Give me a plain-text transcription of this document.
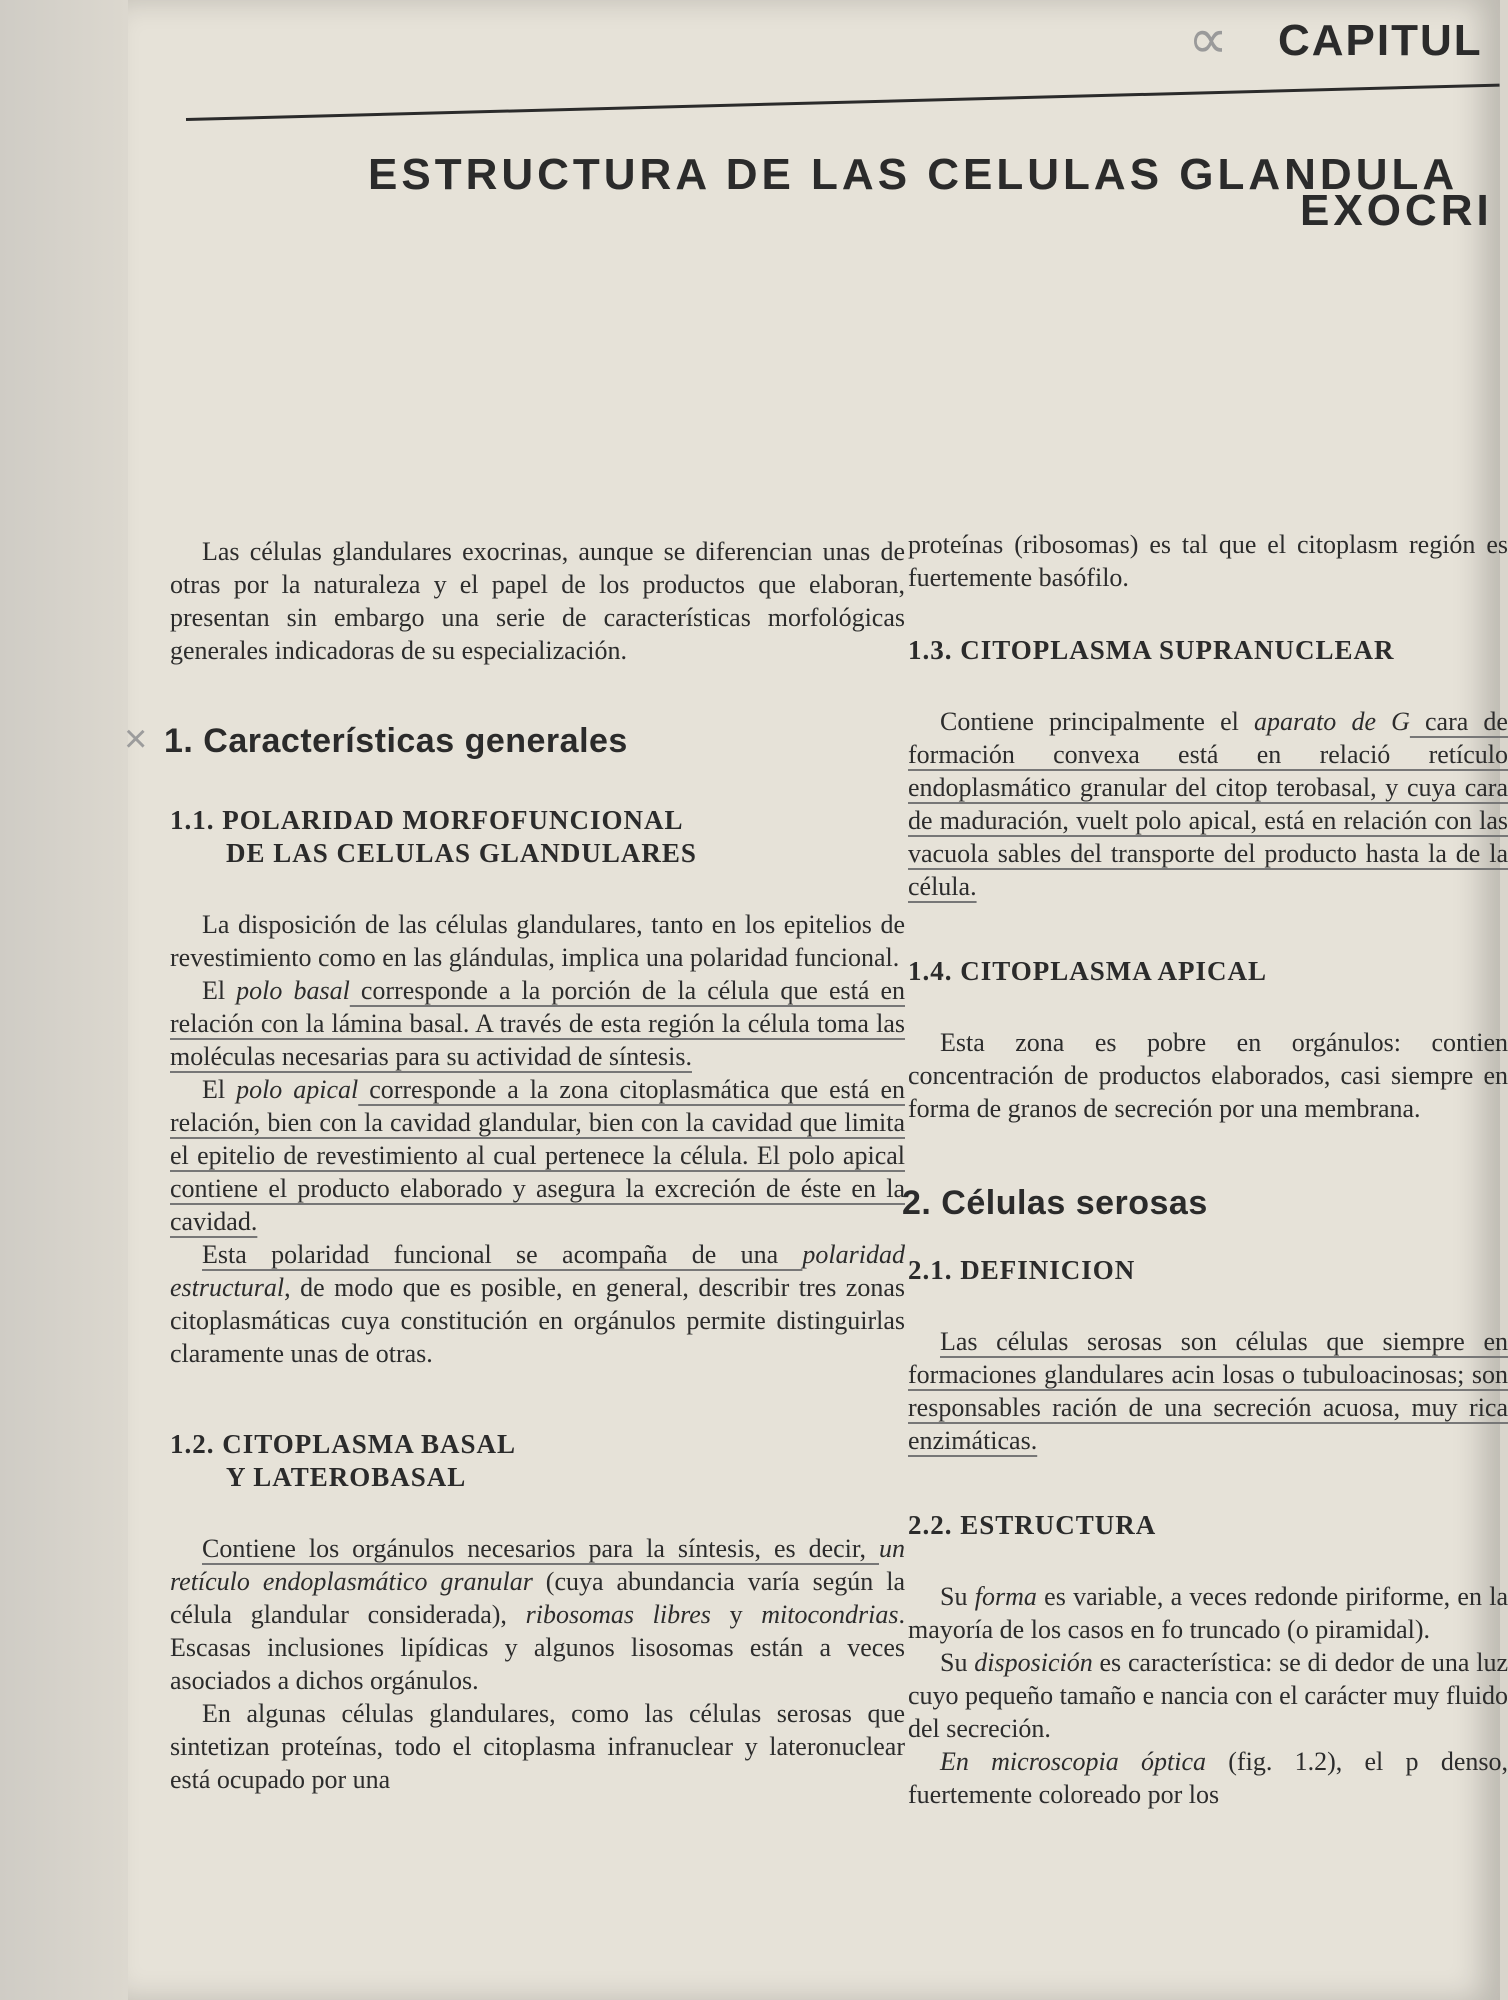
∝	CAPITUL
ESTRUCTURA DE LAS CELULAS GLANDULA
EXOCRI

Las células glandulares exocrinas, aunque se diferencian unas de otras por la naturaleza y el papel de los productos que elaboran, presentan sin embargo una serie de características morfológicas generales indicadoras de su especialización.

× 1. Características generales
1.1. POLARIDAD MORFOFUNCIONAL
DE LAS CELULAS GLANDULARES

La disposición de las células glandulares, tanto en los epitelios de revestimiento como en las glándulas, implica una polaridad funcional.

El polo basal corresponde a la porción de la célula que está en relación con la lámina basal. A través de esta región la célula toma las moléculas necesarias para su actividad de síntesis.

El polo apical corresponde a la zona citoplasmática que está en relación, bien con la cavidad glandular, bien con la cavidad que limita el epitelio de revestimiento al cual pertenece la célula. El polo apical contiene el producto elaborado y asegura la excreción de éste en la cavidad.

Esta polaridad funcional se acompaña de una polaridad estructural, de modo que es posible, en general, describir tres zonas citoplasmáticas cuya constitución en orgánulos permite distinguirlas claramente unas de otras.

1.2. CITOPLASMA BASAL
Y LATEROBASAL

Contiene los orgánulos necesarios para la síntesis, es decir, un retículo endoplasmático granular (cuya abundancia varía según la célula glandular considerada), ribosomas libres y mitocondrias. Escasas inclusiones lipídicas y algunos lisosomas están a veces asociados a dichos orgánulos.

En algunas células glandulares, como las células serosas que sintetizan proteínas, todo el citoplasma infranuclear y lateronuclear está ocupado por una

proteínas (ribosomas) es tal que el citoplasm región es fuertemente basófilo.

1.3. CITOPLASMA SUPRANUCLEAR

Contiene principalmente el aparato de G cara de formación convexa está en relació retículo endoplasmático granular del citop terobasal, y cuya cara de maduración, vuelt polo apical, está en relación con las vacuola sables del transporte del producto hasta la de la célula.

1.4. CITOPLASMA APICAL

Esta zona es pobre en orgánulos: contien concentración de productos elaborados, casi siempre en forma de granos de secreción por una membrana.

2. Células serosas
2.1. DEFINICION

Las células serosas son células que siempre en formaciones glandulares acin losas o tubuloacinosas; son responsables ración de una secreción acuosa, muy rica enzimáticas.

2.2. ESTRUCTURA

Su forma es variable, a veces redonde piriforme, en la mayoría de los casos en fo truncado (o piramidal).

Su disposición es característica: se di dedor de una luz cuyo pequeño tamaño e nancia con el carácter muy fluido del secreción.

En microscopia óptica (fig. 1.2), el p denso, fuertemente coloreado por los
